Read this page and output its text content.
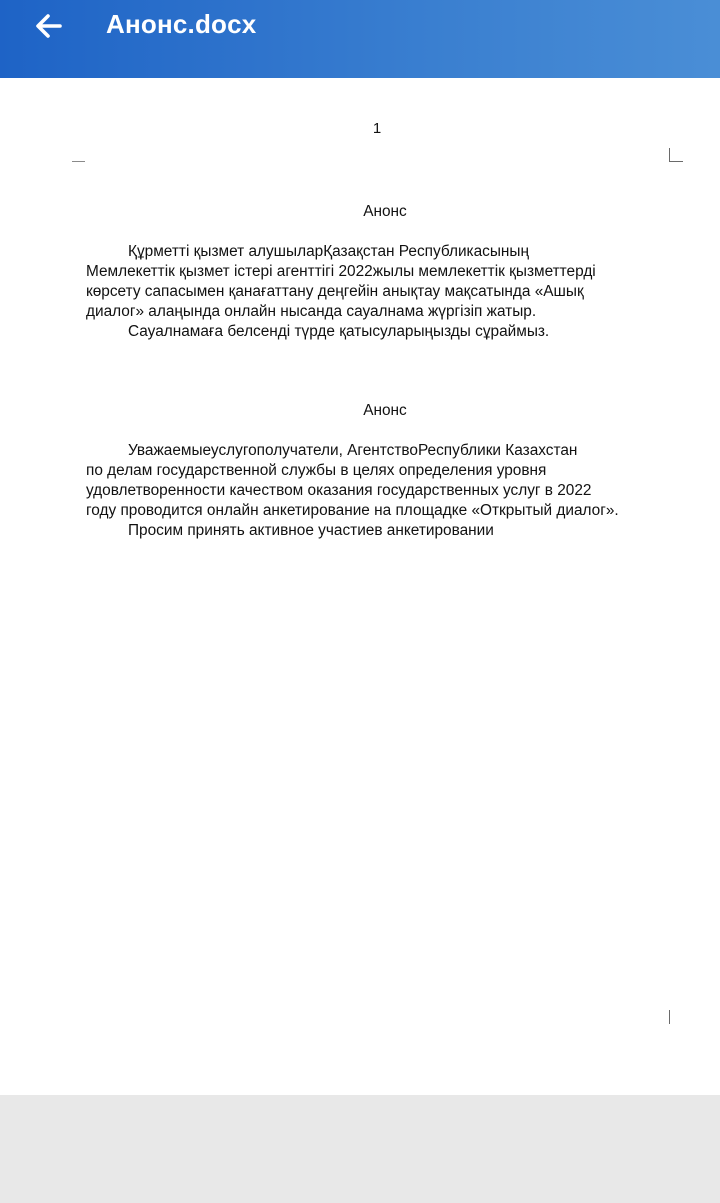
Анонс.docx
1
Анонс

Құрметті қызмет алушыларҚазақстан Республикасының

Мемлекеттік қызмет істері агенттігі 2022жылы мемлекеттік қызметтерді

көрсету сапасымен қанағаттану деңгейін анықтау мақсатында «Ашық

диалог» алаңында онлайн нысанда сауалнама жүргізіп жатыр.

Сауалнамаға белсенді түрде қатысуларыңызды сұраймыз.

Анонс

Уважаемыеуслугополучатели, АгентствоРеспублики Казахстан

по делам государственной службы в целях определения уровня

удовлетворенности качеством оказания государственных услуг в 2022

году проводится онлайн анкетирование на площадке «Открытый диалог».

Просим принять активное участиев анкетировании
